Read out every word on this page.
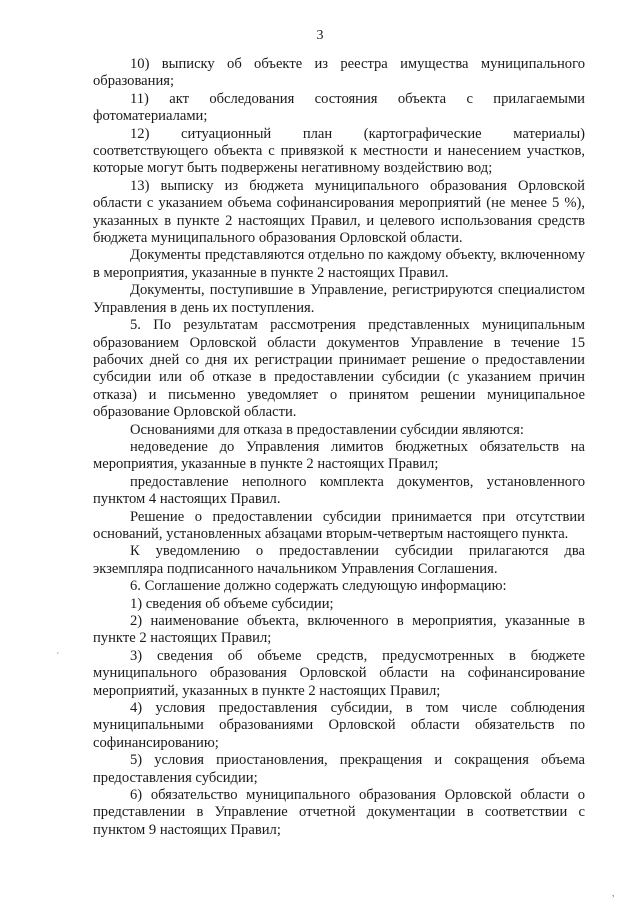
3

10) выписку об объекте из реестра имущества муниципального образования;

11) акт обследования состояния объекта с прилагаемыми фотоматериалами;

12) ситуационный план (картографические материалы) соответствующего объекта с привязкой к местности и нанесением участков, которые могут быть подвержены негативному воздействию вод;

13) выписку из бюджета муниципального образования Орловской области с указанием объема софинансирования мероприятий (не менее 5 %), указанных в пункте 2 настоящих Правил, и целевого использования средств бюджета муниципального образования Орловской области.

Документы представляются отдельно по каждому объекту, включенному в мероприятия, указанные в пункте 2 настоящих Правил.

Документы, поступившие в Управление, регистрируются специалистом Управления в день их поступления.

5. По результатам рассмотрения представленных муниципальным образованием Орловской области документов Управление в течение 15 рабочих дней со дня их регистрации принимает решение о предоставлении субсидии или об отказе в предоставлении субсидии (с указанием причин отказа) и письменно уведомляет о принятом решении муниципальное образование Орловской области.

Основаниями для отказа в предоставлении субсидии являются:

недоведение до Управления лимитов бюджетных обязательств на мероприятия, указанные в пункте 2 настоящих Правил;

предоставление неполного комплекта документов, установленного пунктом 4 настоящих Правил.

Решение о предоставлении субсидии принимается при отсутствии оснований, установленных абзацами вторым-четвертым настоящего пункта.

К уведомлению о предоставлении субсидии прилагаются два экземпляра подписанного начальником Управления Соглашения.

6. Соглашение должно содержать следующую информацию:

1) сведения об объеме субсидии;

2) наименование объекта, включенного в мероприятия, указанные в пункте 2 настоящих Правил;

3) сведения об объеме средств, предусмотренных в бюджете муниципального образования Орловской области на софинансирование мероприятий, указанных в пункте 2 настоящих Правил;

4) условия предоставления субсидии, в том числе соблюдения муниципальными образованиями Орловской области обязательств по софинансированию;

5) условия приостановления, прекращения и сокращения объема предоставления субсидии;

6) обязательство муниципального образования Орловской области о представлении в Управление отчетной документации в соответствии с пунктом 9 настоящих Правил;

´
,
